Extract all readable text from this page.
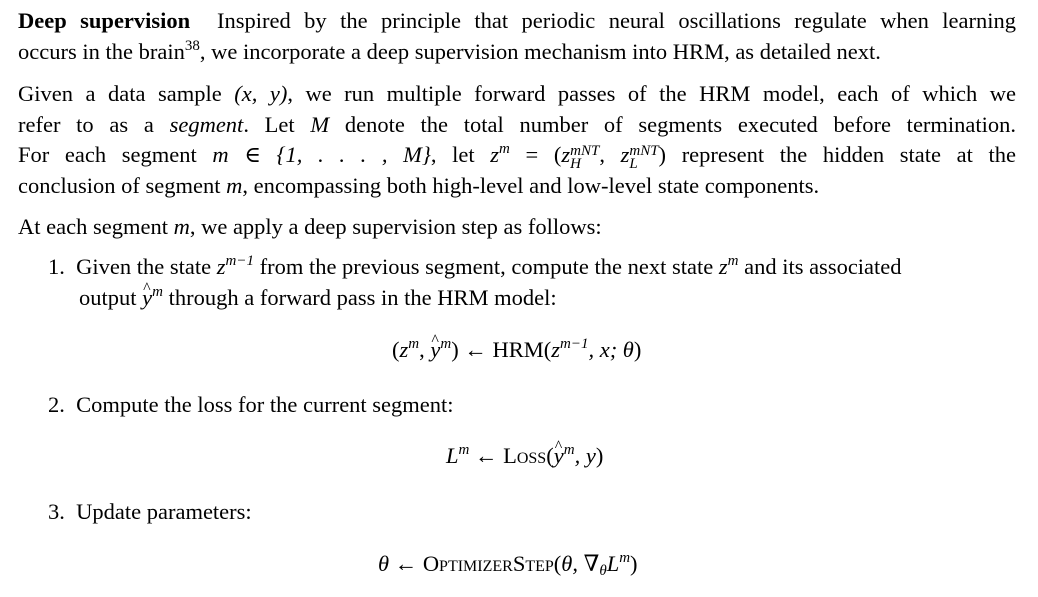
Deep supervision Inspired by the principle that periodic neural oscillations regulate when learning
occurs in the brain$^{38}$, we incorporate a deep supervision mechanism into HRM, as detailed next.
Given a data sample (x, y), we run multiple forward passes of the HRM model, each of which we
refer to as a segment. Let M denote the total number of segments executed before termination.
For each segment m ∈ {1, . . . , M}, let $z^m = (z$ mNT
H , z mNT
L ) represent the hidden state at the
conclusion of segment m, encompassing both high-level and low-level state components.
At each segment m, we apply a deep supervision step as follows:
1. Given the state $z^{m-1}$ from the previous segment, compute the next state $z^m$ and its associated
output ^ $y^m$ through a forward pass in the HRM model:
($z^m$, ^ $y^m$) ← $HRM(z^{m-1}$, x; θ)
2. Compute the loss for the current segment:
$L^m$ ← Loss(^ $y^m$, y)
3. Update parameters:
θ ← OptimizerStep(θ, $\nabla_\theta L^m$)
